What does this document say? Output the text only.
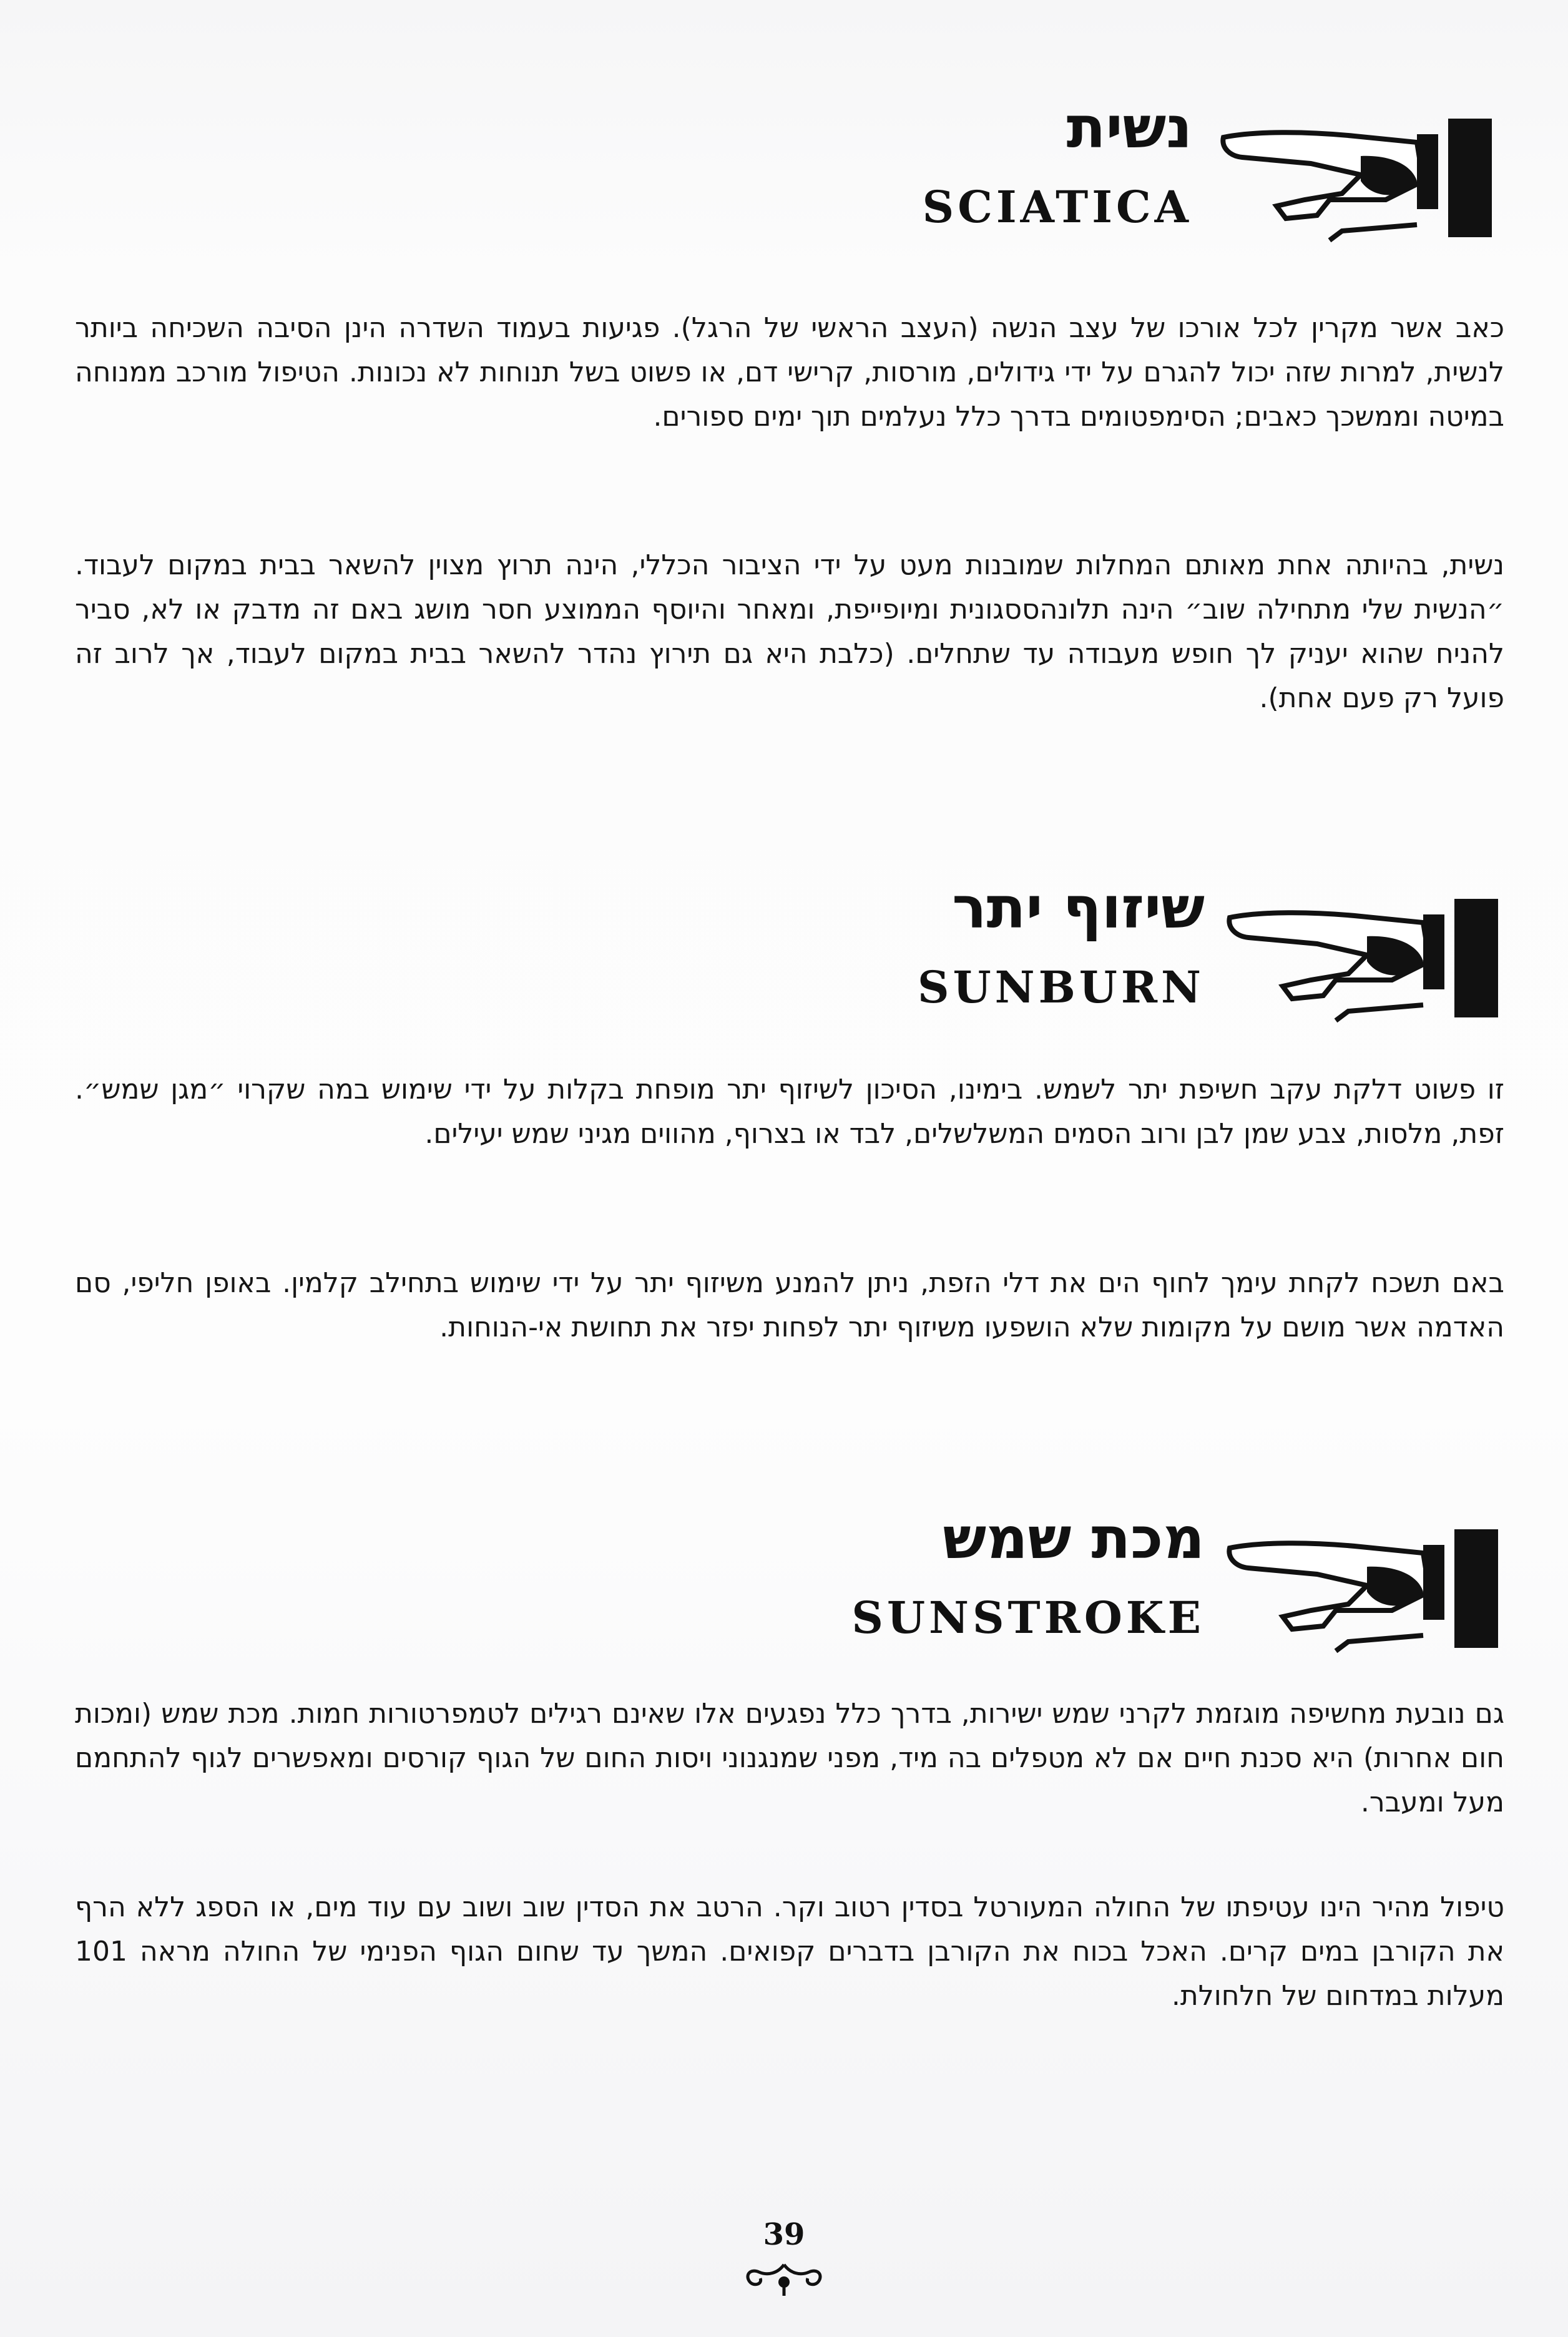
נשית
SCIATICA

כאב אשר מקרין לכל אורכו של עצב הנשה (העצב הראשי של הרגל). פגיעות בעמוד השדרה הינן הסיבה השכיחה ביותר לנשית, למרות שזה יכול להגרם על ידי גידולים, מורסות, קרישי דם, או פשוט בשל תנוחות לא נכונות. הטיפול מורכב ממנוחה במיטה וממשכך כאבים; הסימפטומים בדרך כלל נעלמים תוך ימים ספורים.

נשית, בהיותה אחת מאותם המחלות שמובנות מעט על ידי הציבור הכללי, הינה תרוץ מצוין להשאר בבית במקום לעבוד. ״הנשית שלי מתחילה שוב״ הינה תלונהססגונית ומיופייפת, ומאחר והיוסף הממוצע חסר מושג באם זה מדבק או לא, סביר להניח שהוא יעניק לך חופש מעבודה עד שתחלים. (כלבת היא גם תירוץ נהדר להשאר בבית במקום לעבוד, אך לרוב זה פועל רק פעם אחת).

שיזוף יתר
SUNBURN

זו פשוט דלקת עקב חשיפת יתר לשמש. בימינו, הסיכון לשיזוף יתר מופחת בקלות על ידי שימוש במה שקרוי ״מגן שמש״. זפת, מלסות, צבע שמן לבן ורוב הסמים המשלשלים, לבד או בצרוף, מהווים מגיני שמש יעילים.

באם תשכח לקחת עימך לחוף הים את דלי הזפת, ניתן להמנע משיזוף יתר על ידי שימוש בתחילב קלמין. באופן חליפי, סם האדמה אשר מושם על מקומות שלא הושפעו משיזוף יתר לפחות יפזר את תחושת אי-הנוחות.

מכת שמש
SUNSTROKE

גם נובעת מחשיפה מוגזמת לקרני שמש ישירות, בדרך כלל נפגעים אלו שאינם רגילים לטמפרטורות חמות. מכת שמש (ומכות חום אחרות) היא סכנת חיים אם לא מטפלים בה מיד, מפני שמנגנוני ויסות החום של הגוף קורסים ומאפשרים לגוף להתחמם מעל ומעבר.

טיפול מהיר הינו עטיפתו של החולה המעורטל בסדין רטוב וקר. הרטב את הסדין שוב ושוב עם עוד מים, או הספג ללא הרף את הקורבן במים קרים. האכל בכוח את הקורבן בדברים קפואים. המשך עד שחום הגוף הפנימי של החולה מראה 101 מעלות במדחום של חלחולת.

39
